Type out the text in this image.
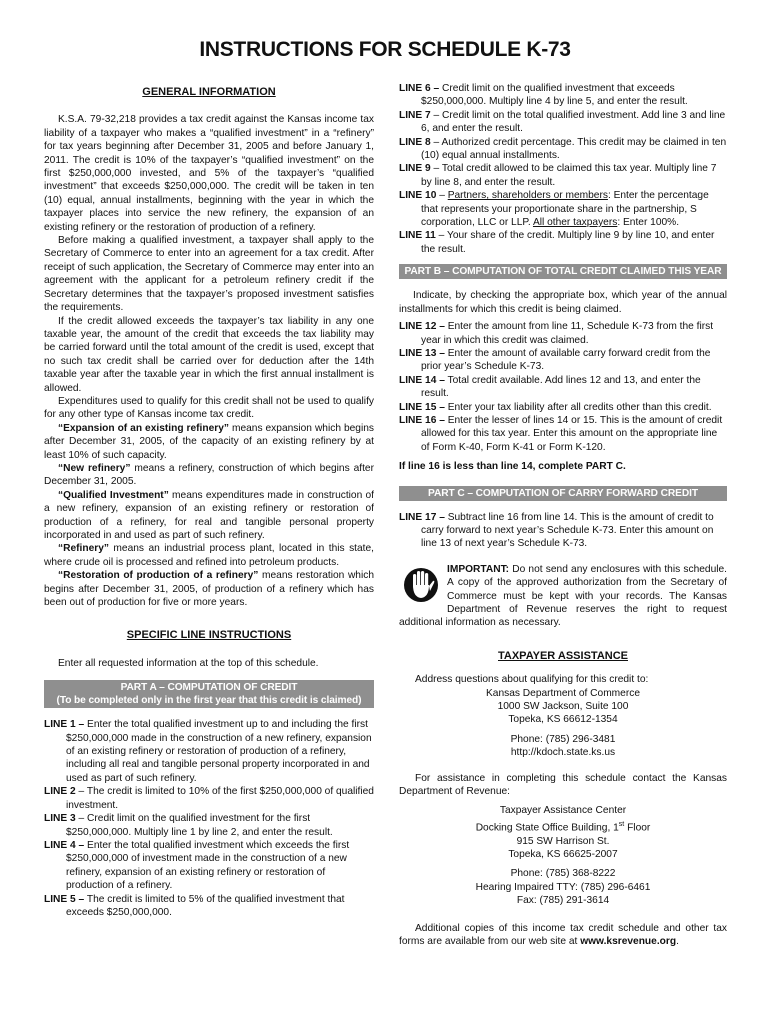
INSTRUCTIONS FOR SCHEDULE K-73
GENERAL INFORMATION

K.S.A. 79-32,218 provides a tax credit against the Kansas income tax liability of a taxpayer who makes a “qualified investment” in a “refinery” for tax years beginning after December 31, 2005 and before January 1, 2011. The credit is 10% of the taxpayer’s “qualified investment” on the first $250,000,000 invested, and 5% of the taxpayer’s “qualified investment” that exceeds $250,000,000. The credit will be taken in ten (10) equal, annual installments, beginning with the year in which the taxpayer places into service the new refinery, the expansion of an existing refinery or the restoration of production of a refinery.

Before making a qualified investment, a taxpayer shall apply to the Secretary of Commerce to enter into an agreement for a tax credit. After receipt of such application, the Secretary of Commerce may enter into an agreement with the applicant for a petroleum refinery credit if the Secretary determines that the taxpayer’s proposed investment satisfies the requirements.

If the credit allowed exceeds the taxpayer’s tax liability in any one taxable year, the amount of the credit that exceeds the tax liability may be carried forward until the total amount of the credit is used, except that no such tax credit shall be carried over for deduction after the 14th taxable year after the taxable year in which the first annual installment is allowed.

Expenditures used to qualify for this credit shall not be used to qualify for any other type of Kansas income tax credit.

“Expansion of an existing refinery” means expansion which begins after December 31, 2005, of the capacity of an existing refinery by at least 10% of such capacity.

“New refinery” means a refinery, construction of which begins after December 31, 2005.

“Qualified Investment” means expenditures made in construction of a new refinery, expansion of an existing refinery or restoration of production of a refinery, for real and tangible personal property incorporated in and used as part of such refinery.

“Refinery” means an industrial process plant, located in this state, where crude oil is processed and refined into petroleum products.

“Restoration of production of a refinery” means restoration which begins after December 31, 2005, of production of a refinery which has been out of production for five or more years.

SPECIFIC LINE INSTRUCTIONS

Enter all requested information at the top of this schedule.

PART A – COMPUTATION OF CREDIT
(To be completed only in the first year that this credit is claimed)

LINE 1 – Enter the total qualified investment up to and including the first $250,000,000 made in the construction of a new refinery, expansion of an existing refinery or restoration of production of a refinery, including all real and tangible personal property incorporated in and used as part of such refinery.

LINE 2 – The credit is limited to 10% of the first $250,000,000 of qualified investment.

LINE 3 – Credit limit on the qualified investment for the first $250,000,000. Multiply line 1 by line 2, and enter the result.

LINE 4 – Enter the total qualified investment which exceeds the first $250,000,000 of investment made in the construction of a new refinery, expansion of an existing refinery or restoration of production of a refinery.

LINE 5 – The credit is limited to 5% of the qualified investment that exceeds $250,000,000.

LINE 6 – Credit limit on the qualified investment that exceeds $250,000,000. Multiply line 4 by line 5, and enter the result.

LINE 7 – Credit limit on the total qualified investment. Add line 3 and line 6, and enter the result.

LINE 8 – Authorized credit percentage. This credit may be claimed in ten (10) equal annual installments.

LINE 9 – Total credit allowed to be claimed this tax year. Multiply line 7 by line 8, and enter the result.

LINE 10 – Partners, shareholders or members: Enter the percentage that represents your proportionate share in the partnership, S corporation, LLC or LLP. All other taxpayers: Enter 100%.

LINE 11 – Your share of the credit. Multiply line 9 by line 10, and enter the result.

PART B – COMPUTATION OF TOTAL CREDIT CLAIMED THIS YEAR

Indicate, by checking the appropriate box, which year of the annual installments for which this credit is being claimed.

LINE 12 – Enter the amount from line 11, Schedule K-73 from the first year in which this credit was claimed.

LINE 13 – Enter the amount of available carry forward credit from the prior year’s Schedule K-73.

LINE 14 – Total credit available. Add lines 12 and 13, and enter the result.

LINE 15 – Enter your tax liability after all credits other than this credit.

LINE 16 – Enter the lesser of lines 14 or 15. This is the amount of credit allowed for this tax year. Enter this amount on the appropriate line of Form K-40, Form K-41 or Form K-120.

If line 16 is less than line 14, complete PART C.

PART C – COMPUTATION OF CARRY FORWARD CREDIT

LINE 17 – Subtract line 16 from line 14. This is the amount of credit to carry forward to next year’s Schedule K-73. Enter this amount on line 13 of next year’s Schedule K-73.

IMPORTANT: Do not send any enclosures with this schedule. A copy of the approved authorization from the Secretary of Commerce must be kept with your records. The Kansas Department of Revenue reserves the right to request additional information as necessary.

TAXPAYER ASSISTANCE

Address questions about qualifying for this credit to:

Kansas Department of Commerce
1000 SW Jackson, Suite 100
Topeka, KS 66612-1354
Phone: (785) 296-3481
http://kdoch.state.ks.us

For assistance in completing this schedule contact the Kansas Department of Revenue:

Taxpayer Assistance Center
Docking State Office Building, 1st Floor
915 SW Harrison St.
Topeka, KS 66625-2007
Phone: (785) 368-8222
Hearing Impaired TTY: (785) 296-6461
Fax: (785) 291-3614

Additional copies of this income tax credit schedule and other tax forms are available from our web site at www.ksrevenue.org.
